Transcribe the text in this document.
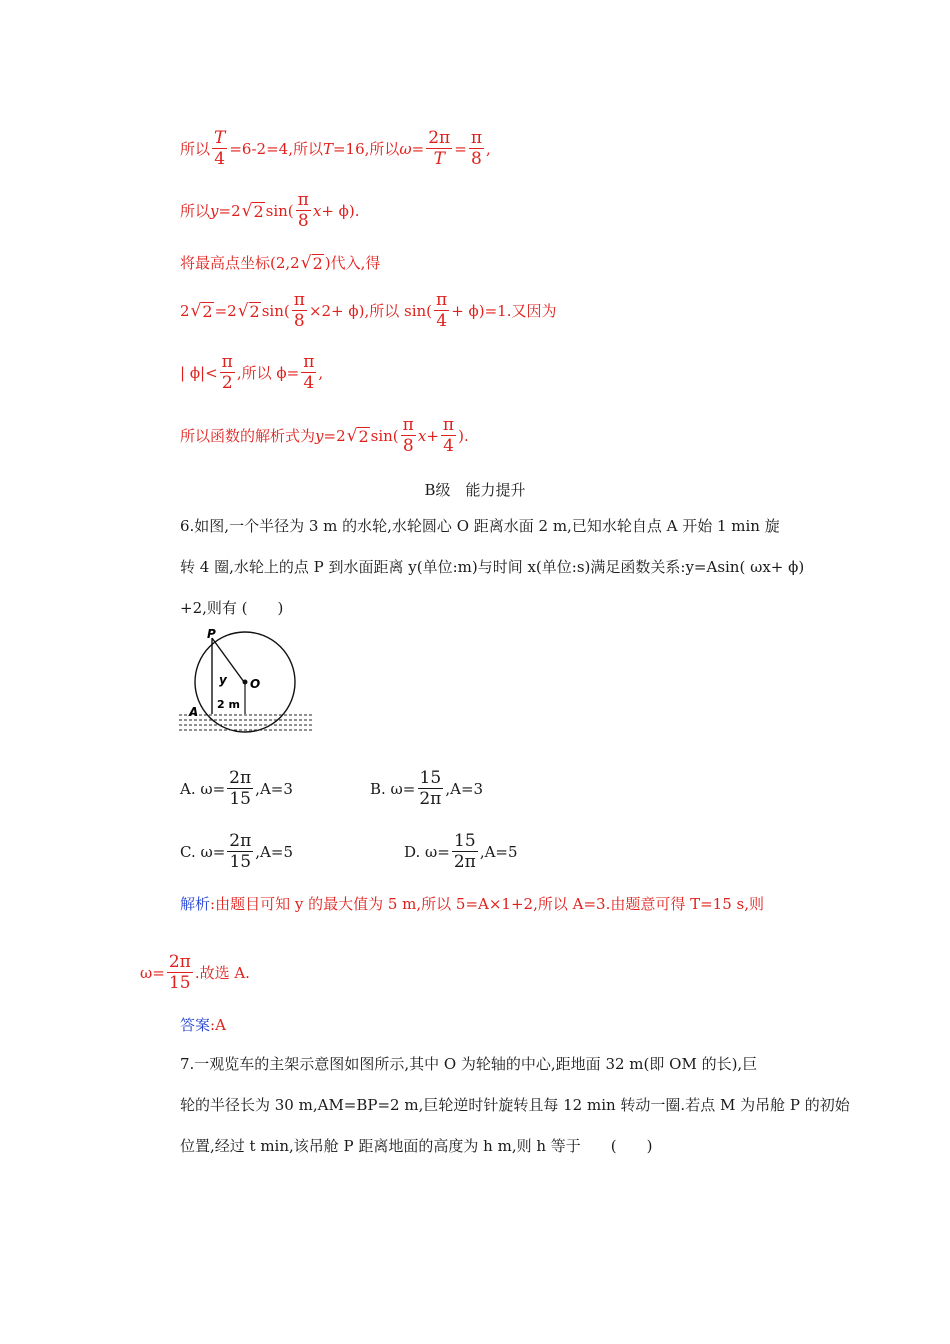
所以 $\frac{T}{4} =6-2=4$,所以 T =16,所以 $\omega = \frac{2\pi}{T} = \frac{\pi}{8}$ ,
所以 y =2 √ 2 $\sin( \frac{\pi}{8}$ x + ϕ).
将最高点坐标(2,2 √ 2 )代入,得
2 √ 2 =2 √ 2 $\sin( \frac{\pi}{8} \times 2+ \phi)$,所以 $\sin( \frac{\pi}{4} + \phi)=1$.又因为
| $\phi|< \frac{\pi}{2}$ ,所以 $\phi= \frac{\pi}{4}$ ,
所以函数的解析式为 y =2 √ 2 $\sin( \frac{\pi}{8}$ $x + \frac{\pi}{4}$ ).
B级　能力提升
6.如图,一个半径为 3 m 的水轮,水轮圆心 O 距离水面 2 m,已知水轮自点 A 开始 1 min 旋
转 4 圈,水轮上的点 P 到水面距离 y(单位:m)与时间 x(单位:s)满足函数关系:y=Asin( ωx+ ϕ)
+2,则有 (　　)
P
O
y
A
2 m
A. $\omega= \frac{2\pi}{15} ,A=3$	B. $\omega= \frac{15}{2\pi} ,A=3$
C. $\omega= \frac{2\pi}{15} ,A=5$	D. $\omega= \frac{15}{2\pi} ,A=5$
解析 :由题目可知 y 的最大值为 5 m,所以 5=A×1+2,所以 A=3.由题意可得 T=15 s,则
$\omega= \frac{2\pi}{15}$ .故选 A.
答案 :A
7.一观览车的主架示意图如图所示,其中 O 为轮轴的中心,距地面 32 m(即 OM 的长),巨
轮的半径长为 30 m,AM=BP=2 m,巨轮逆时针旋转且每 12 min 转动一圈.若点 M 为吊舱 P 的初始
位置,经过 t min,该吊舱 P 距离地面的高度为 h m,则 h 等于　　(　　)
